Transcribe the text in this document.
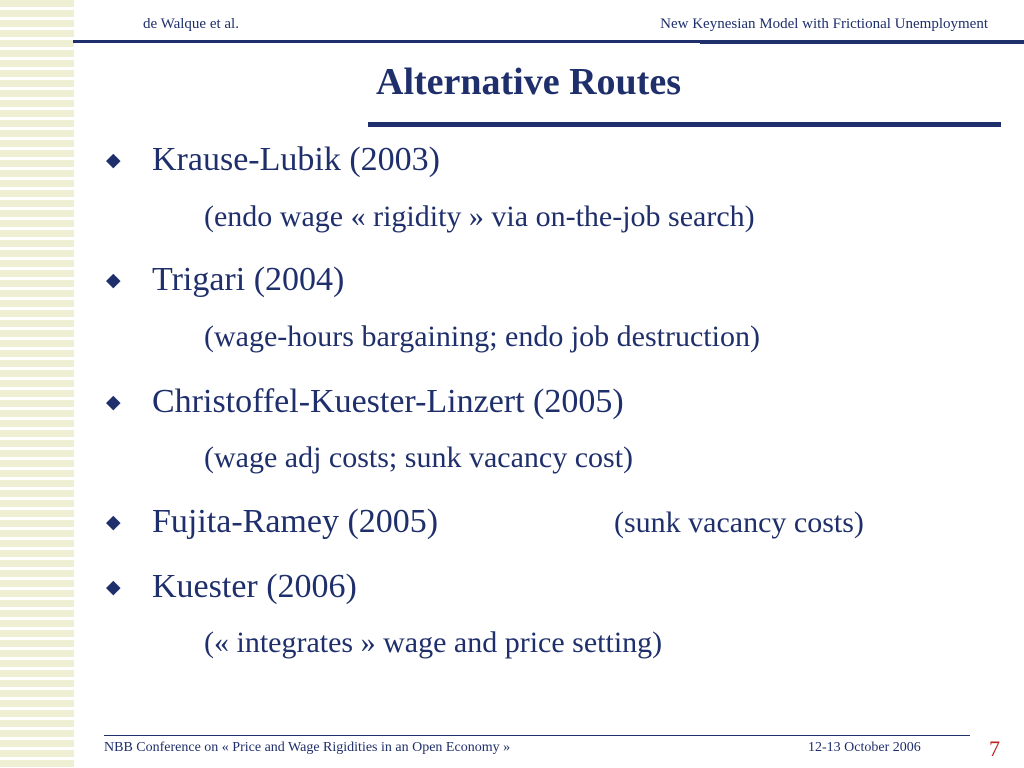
de Walque et al.	New Keynesian Model with Frictional Unemployment
Alternative Routes
◆ Krause-Lubik (2003)
(endo wage « rigidity » via on-the-job search)
◆ Trigari (2004)
(wage-hours bargaining; endo job destruction)
◆ Christoffel-Kuester-Linzert (2005)
(wage adj costs; sunk vacancy cost)
◆ Fujita-Ramey (2005)	(sunk vacancy costs)
◆ Kuester (2006)
(« integrates » wage and price setting)
NBB Conference on « Price and Wage Rigidities in an Open Economy »	12-13 October 2006	7
